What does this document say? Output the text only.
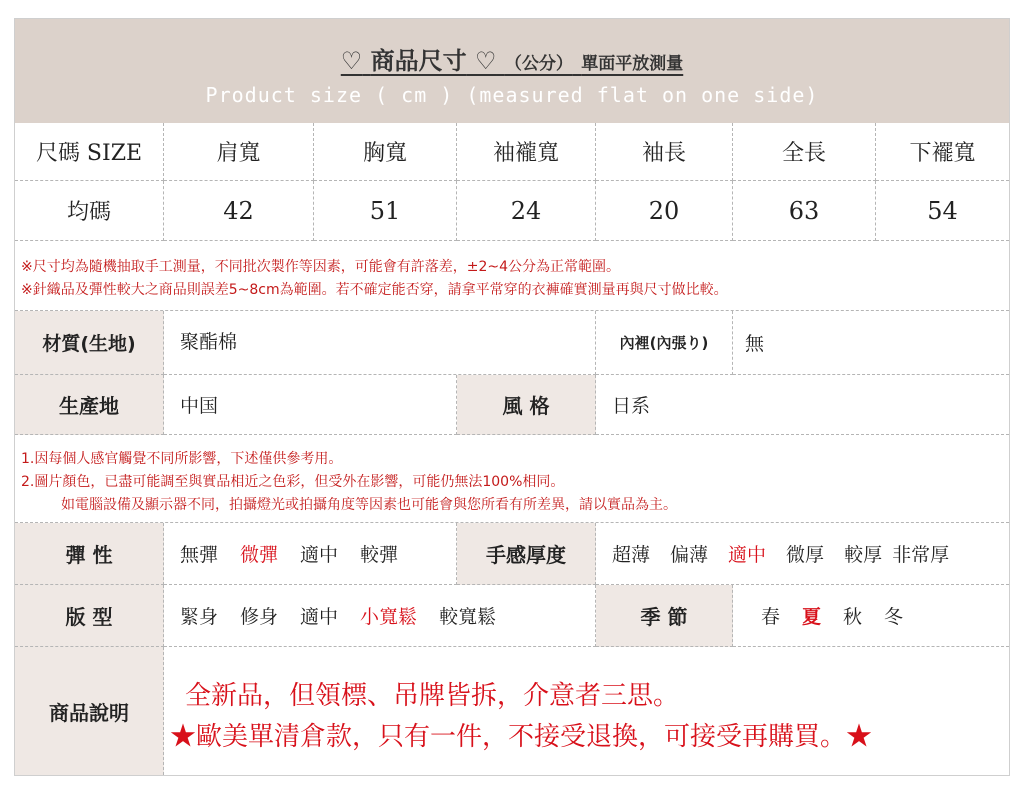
♡ 商品尺寸 ♡ （公分） 單面平放測量
Product size ( cm ) (measured flat on one side)
尺碼 SIZE	肩寬	胸寬	袖襱寬	袖長	全長	下襬寬
均碼	42	51	24	20	63	54
※尺寸均為隨機抽取手工測量，不同批次製作等因素，可能會有許落差，±2~4公分為正常範圍。
※針織品及彈性較大之商品則誤差5~8cm為範圍。若不確定能否穿，請拿平常穿的衣褲確實測量再與尺寸做比較。
材質(生地)	聚酯棉	內裡(內張り)	無
生產地	中国	風 格	日系
1.因每個人感官觸覺不同所影響，下述僅供參考用。
2.圖片顏色，已盡可能調至與實品相近之色彩，但受外在影響，可能仍無法100%相同。
如電腦設備及顯示器不同，拍攝燈光或拍攝角度等因素也可能會與您所看有所差異，請以實品為主。
彈 性	無彈 微彈 適中 較彈	手感厚度	超薄 偏薄 適中 微厚 較厚 非常厚
版 型	緊身 修身 適中 小寬鬆 較寬鬆	季 節	春 夏 秋 冬
商品說明
全新品，但領標、吊牌皆拆，介意者三思。
★歐美單清倉款，只有一件，不接受退換，可接受再購買。★
